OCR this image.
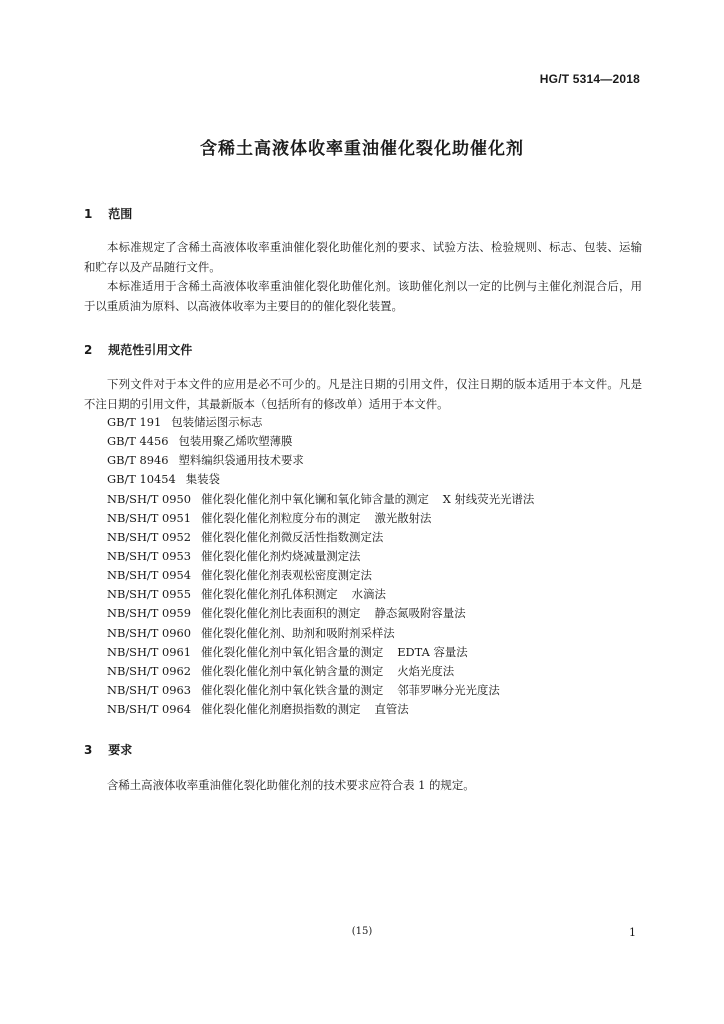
HG/T 5314—2018
含稀土高液体收率重油催化裂化助催化剂
1 范围
本标准规定了含稀土高液体收率重油催化裂化助催化剂的要求、试验方法、检验规则、标志、包装、运输和贮存以及产品随行文件。
本标准适用于含稀土高液体收率重油催化裂化助催化剂。该助催化剂以一定的比例与主催化剂混合后，用于以重质油为原料、以高液体收率为主要目的的催化裂化装置。
2 规范性引用文件
下列文件对于本文件的应用是必不可少的。凡是注日期的引用文件，仅注日期的版本适用于本文件。凡是不注日期的引用文件，其最新版本（包括所有的修改单）适用于本文件。
GB/T 191 包装储运图示标志
GB/T 4456 包装用聚乙烯吹塑薄膜
GB/T 8946 塑料编织袋通用技术要求
GB/T 10454 集装袋
NB/SH/T 0950 催化裂化催化剂中氧化镧和氧化铈含量的测定 X 射线荧光光谱法
NB/SH/T 0951 催化裂化催化剂粒度分布的测定 激光散射法
NB/SH/T 0952 催化裂化催化剂微反活性指数测定法
NB/SH/T 0953 催化裂化催化剂灼烧减量测定法
NB/SH/T 0954 催化裂化催化剂表观松密度测定法
NB/SH/T 0955 催化裂化催化剂孔体积测定 水滴法
NB/SH/T 0959 催化裂化催化剂比表面积的测定 静态氮吸附容量法
NB/SH/T 0960 催化裂化催化剂、助剂和吸附剂采样法
NB/SH/T 0961 催化裂化催化剂中氧化铝含量的测定 EDTA 容量法
NB/SH/T 0962 催化裂化催化剂中氧化钠含量的测定 火焰光度法
NB/SH/T 0963 催化裂化催化剂中氧化铁含量的测定 邻菲罗啉分光光度法
NB/SH/T 0964 催化裂化催化剂磨损指数的测定 直管法
3 要求
含稀土高液体收率重油催化裂化助催化剂的技术要求应符合表 1 的规定。
(15)	1
